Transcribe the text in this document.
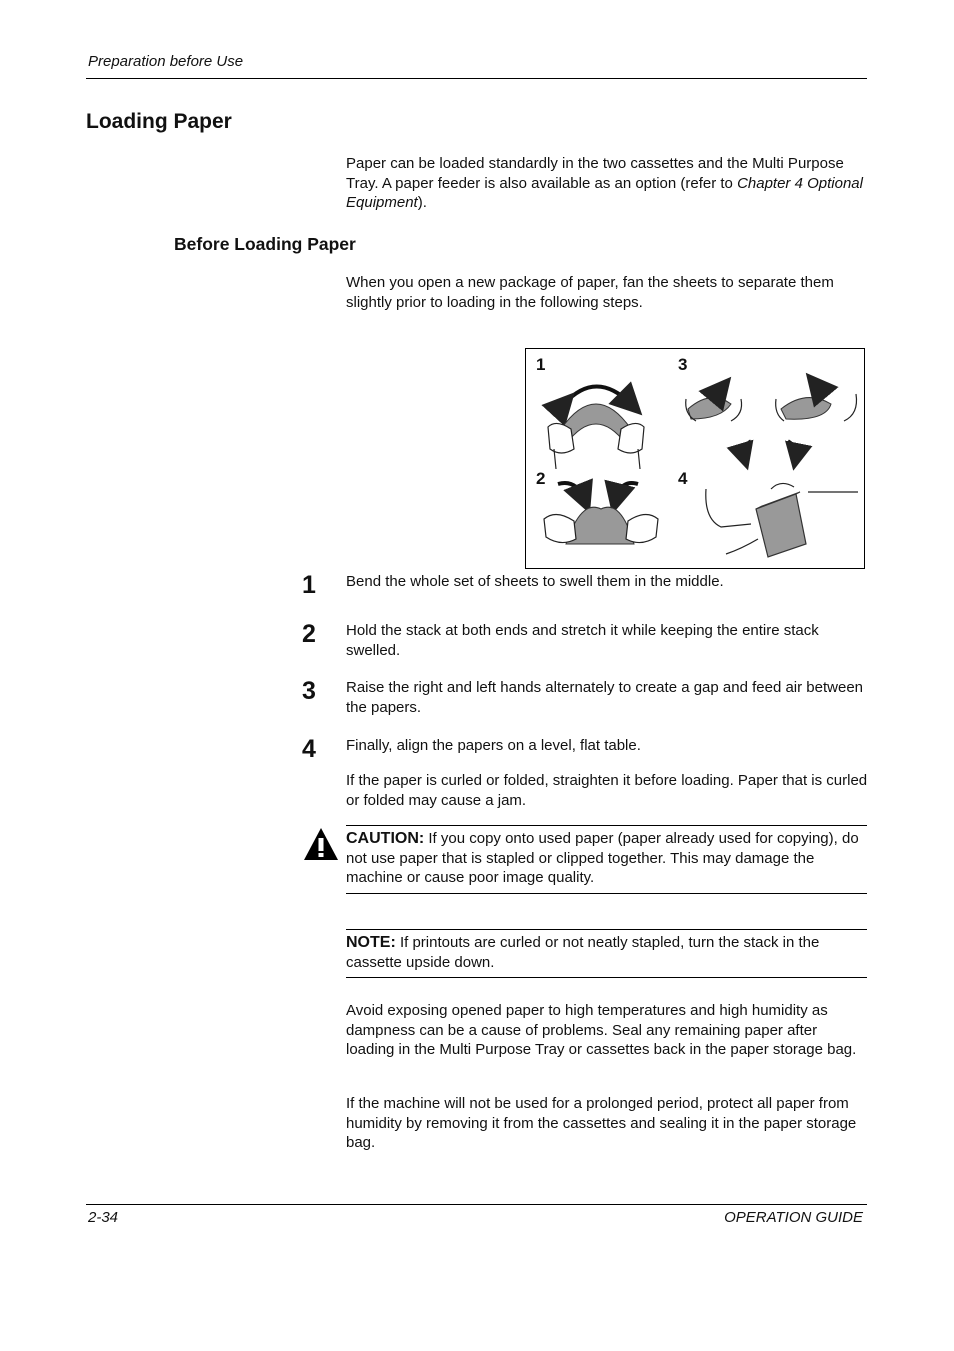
Preparation before Use
Loading Paper
Paper can be loaded standardly in the two cassettes and the Multi Purpose Tray. A paper feeder is also available as an option (refer to Chapter 4 Optional Equipment).
Before Loading Paper
When you open a new package of paper, fan the sheets to separate them slightly prior to loading in the following steps.
1
2
3
4
1 Bend the whole set of sheets to swell them in the middle.
2 Hold the stack at both ends and stretch it while keeping the entire stack swelled.
3 Raise the right and left hands alternately to create a gap and feed air between the papers.
4 Finally, align the papers on a level, flat table.
If the paper is curled or folded, straighten it before loading. Paper that is curled or folded may cause a jam.
CAUTION: If you copy onto used paper (paper already used for copying), do not use paper that is stapled or clipped together. This may damage the machine or cause poor image quality.
NOTE: If printouts are curled or not neatly stapled, turn the stack in the cassette upside down.
Avoid exposing opened paper to high temperatures and high humidity as dampness can be a cause of problems. Seal any remaining paper after loading in the Multi Purpose Tray or cassettes back in the paper storage bag.
If the machine will not be used for a prolonged period, protect all paper from humidity by removing it from the cassettes and sealing it in the paper storage bag.
2-34	OPERATION GUIDE
